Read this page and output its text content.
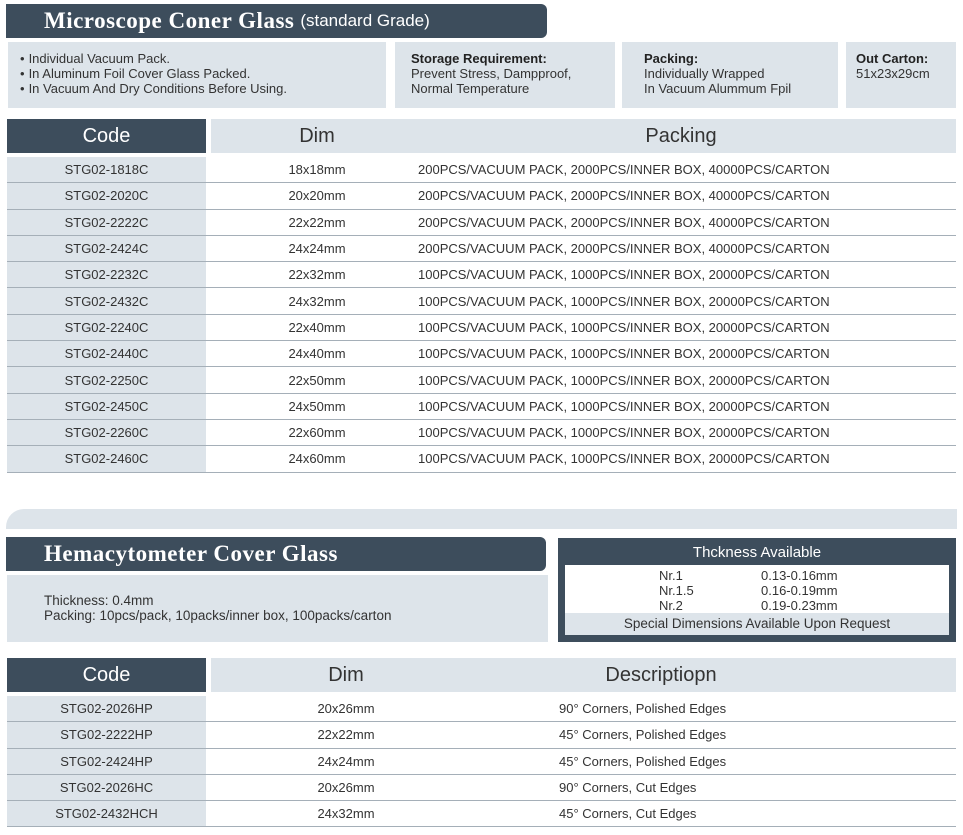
Microscope Coner Glass (standard Grade)
• Individual Vacuum Pack.
• In Aluminum Foil Cover Glass Packed.
• In Vacuum And Dry Conditions Before Using.
Storage Requirement:
Prevent Stress, Dampproof,
Normal Temperature
Packing:
Individually Wrapped
In Vacuum Alummum Fpil
Out Carton:
51x23x29cm
Code	Dim	Packing
STG02-1818C	18x18mm	200PCS/VACUUM PACK, 2000PCS/INNER BOX, 40000PCS/CARTON
STG02-2020C	20x20mm	200PCS/VACUUM PACK, 2000PCS/INNER BOX, 40000PCS/CARTON
STG02-2222C	22x22mm	200PCS/VACUUM PACK, 2000PCS/INNER BOX, 40000PCS/CARTON
STG02-2424C	24x24mm	200PCS/VACUUM PACK, 2000PCS/INNER BOX, 40000PCS/CARTON
STG02-2232C	22x32mm	100PCS/VACUUM PACK, 1000PCS/INNER BOX, 20000PCS/CARTON
STG02-2432C	24x32mm	100PCS/VACUUM PACK, 1000PCS/INNER BOX, 20000PCS/CARTON
STG02-2240C	22x40mm	100PCS/VACUUM PACK, 1000PCS/INNER BOX, 20000PCS/CARTON
STG02-2440C	24x40mm	100PCS/VACUUM PACK, 1000PCS/INNER BOX, 20000PCS/CARTON
STG02-2250C	22x50mm	100PCS/VACUUM PACK, 1000PCS/INNER BOX, 20000PCS/CARTON
STG02-2450C	24x50mm	100PCS/VACUUM PACK, 1000PCS/INNER BOX, 20000PCS/CARTON
STG02-2260C	22x60mm	100PCS/VACUUM PACK, 1000PCS/INNER BOX, 20000PCS/CARTON
STG02-2460C	24x60mm	100PCS/VACUUM PACK, 1000PCS/INNER BOX, 20000PCS/CARTON
Hemacytometer Cover Glass
Thickness: 0.4mm
Packing: 10pcs/pack, 10packs/inner box, 100packs/carton
Thckness Available
Nr.1	0.13-0.16mm
Nr.1.5	0.16-0.19mm
Nr.2	0.19-0.23mm
Special Dimensions Available Upon Request
Code	Dim	Descriptiopn
STG02-2026HP	20x26mm	90° Corners, Polished Edges
STG02-2222HP	22x22mm	45° Corners, Polished Edges
STG02-2424HP	24x24mm	45° Corners, Polished Edges
STG02-2026HC	20x26mm	90° Corners, Cut Edges
STG02-2432HCH	24x32mm	45° Corners, Cut Edges
